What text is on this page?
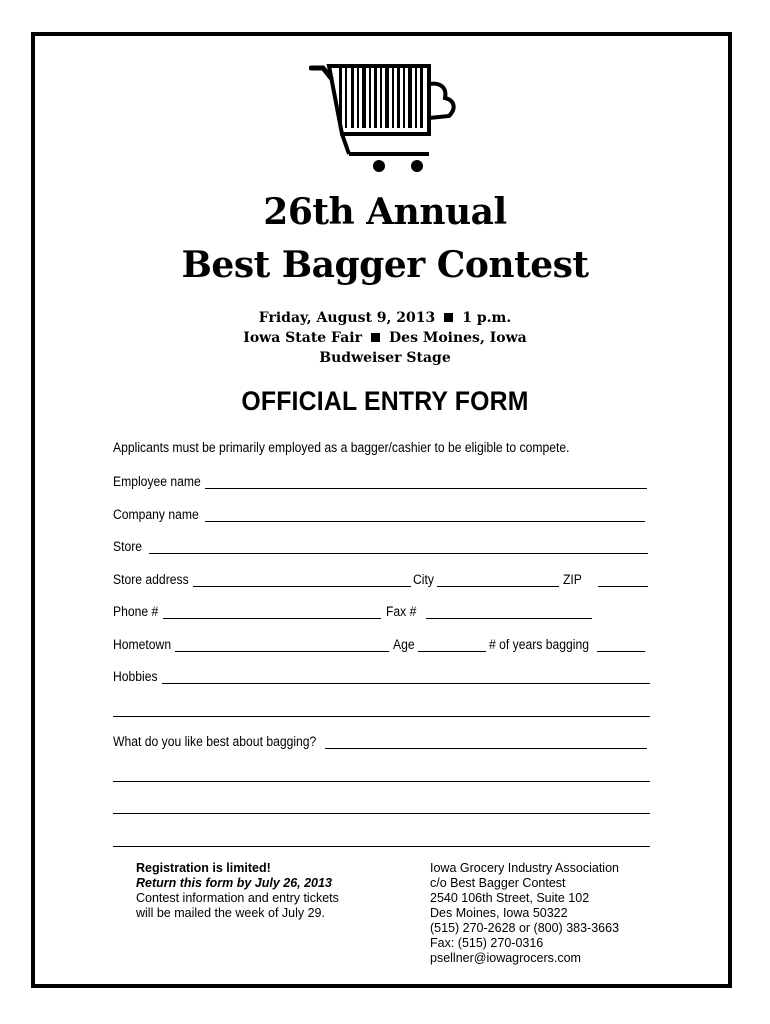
26th Annual
Best Bagger Contest
Friday, August 9, 2013 1 p.m.
Iowa State Fair Des Moines, Iowa
Budweiser Stage
OFFICIAL ENTRY FORM
Applicants must be primarily employed as a bagger/cashier to be eligible to compete.
Employee name
Company name
Store
Store address	City	ZIP
Phone #	Fax #
Hometown	Age	# of years bagging
Hobbies
What do you like best about bagging?
Registration is limited!
Return this form by July 26, 2013
Contest information and entry tickets
will be mailed the week of July 29.
Iowa Grocery Industry Association
c/o Best Bagger Contest
2540 106th Street, Suite 102
Des Moines, Iowa 50322
(515) 270-2628 or (800) 383-3663
Fax: (515) 270-0316
psellner@iowagrocers.com
